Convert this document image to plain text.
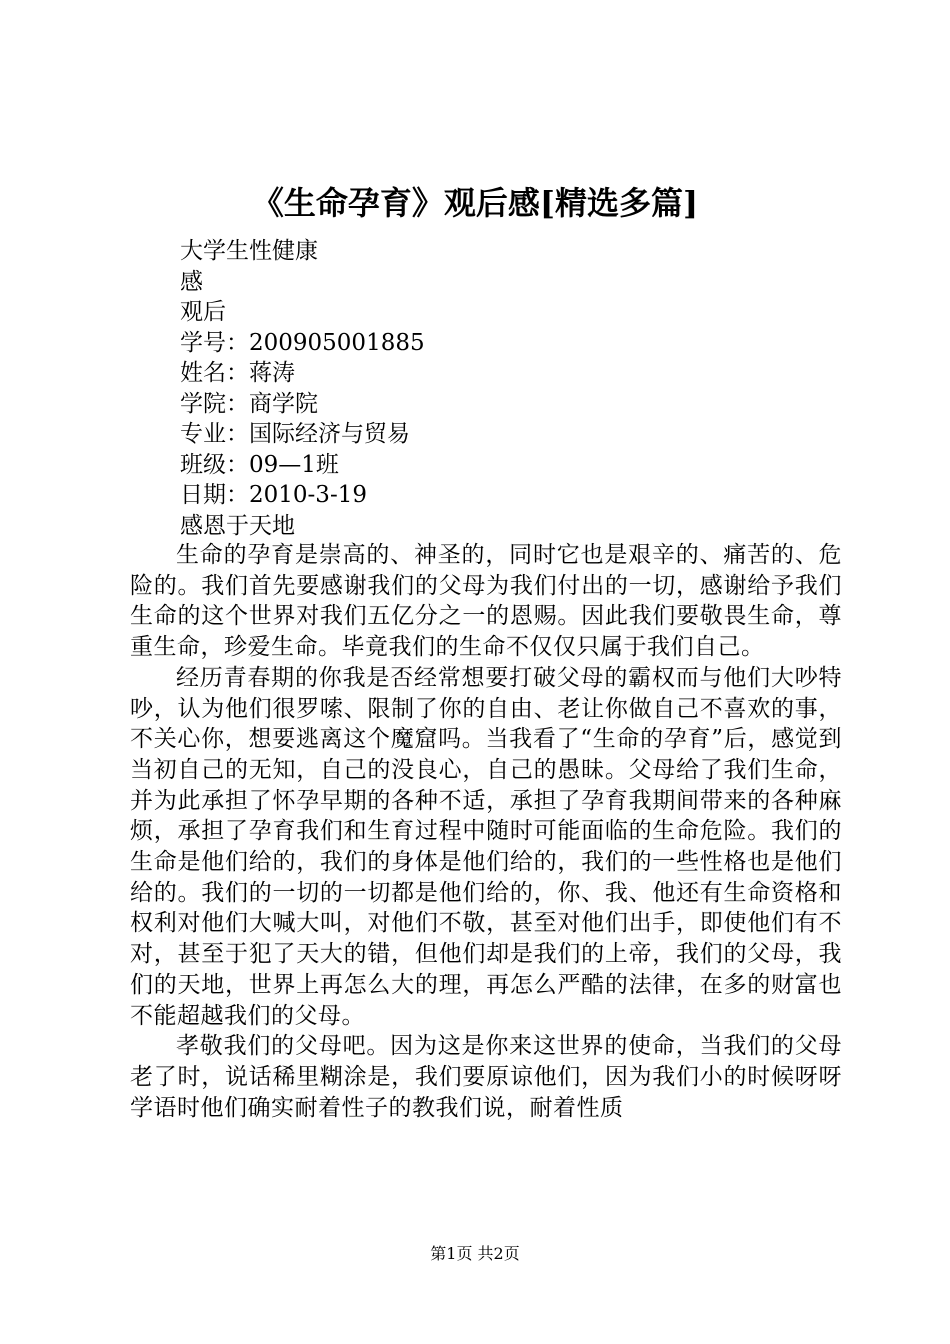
《生命孕育》观后感[精选多篇]
大学生性健康
感
观后
学号：200905001885
姓名：蒋涛
学院：商学院
专业：国际经济与贸易
班级：09—1班
日期：2010-3-19
感恩于天地

生命的孕育是崇高的、神圣的，同时它也是艰辛的、痛苦的、危险的。我们首先要感谢我们的父母为我们付出的一切，感谢给予我们生命的这个世界对我们五亿分之一的恩赐。因此我们要敬畏生命，尊重生命，珍爱生命。毕竟我们的生命不仅仅只属于我们自己。

经历青春期的你我是否经常想要打破父母的霸权而与他们大吵特吵，认为他们很罗嗦、限制了你的自由、老让你做自己不喜欢的事，不关心你，想要逃离这个魔窟吗。当我看了“生命的孕育”后，感觉到当初自己的无知，自己的没良心，自己的愚昧。父母给了我们生命，并为此承担了怀孕早期的各种不适，承担了孕育我期间带来的各种麻烦，承担了孕育我们和生育过程中随时可能面临的生命危险。我们的生命是他们给的，我们的身体是他们给的，我们的一些性格也是他们给的。我们的一切的一切都是他们给的，你、我、他还有生命资格和权利对他们大喊大叫，对他们不敬，甚至对他们出手，即使他们有不对，甚至于犯了天大的错，但他们却是我们的上帝，我们的父母，我们的天地，世界上再怎么大的理，再怎么严酷的法律，在多的财富也不能超越我们的父母。

孝敬我们的父母吧。因为这是你来这世界的使命，当我们的父母老了时，说话稀里糊涂是，我们要原谅他们，因为我们小的时候呀呀学语时他们确实耐着性子的教我们说，耐着性质

第1页 共2页
